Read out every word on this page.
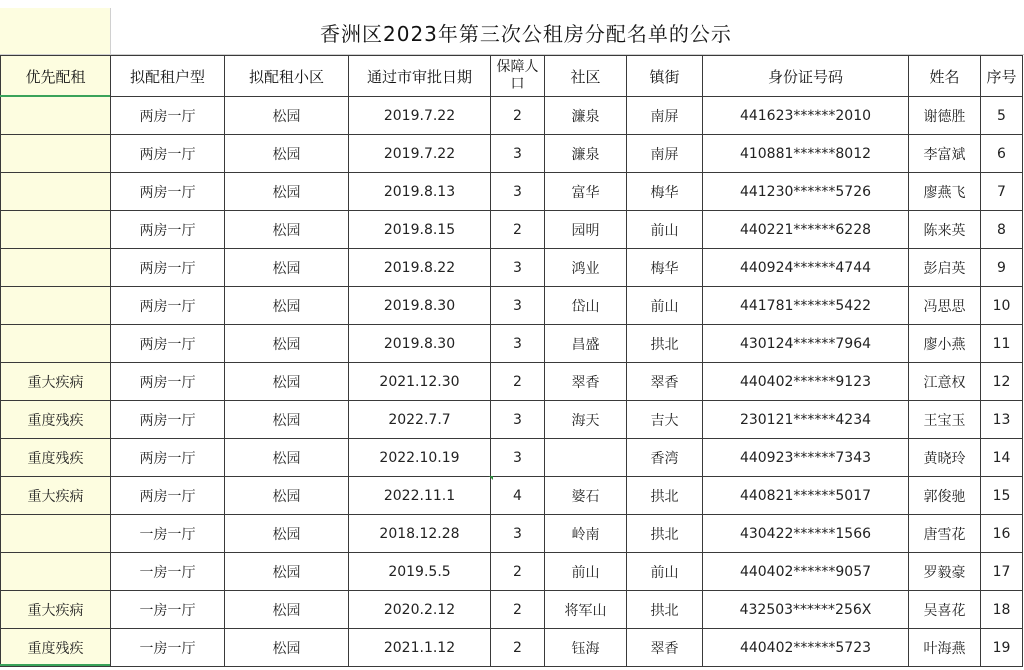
香洲区2023年第三次公租房分配名单的公示
优先配租	拟配租户型	拟配租小区	通过市审批日期	保障人口	社区	镇街	身份证号码	姓名	序号
	两房一厅	松园	2019.7.22	2	濂泉	南屏	441623******2010	谢德胜	5
	两房一厅	松园	2019.7.22	3	濂泉	南屏	410881******8012	李富斌	6
	两房一厅	松园	2019.8.13	3	富华	梅华	441230******5726	廖燕飞	7
	两房一厅	松园	2019.8.15	2	园明	前山	440221******6228	陈来英	8
	两房一厅	松园	2019.8.22	3	鸿业	梅华	440924******4744	彭启英	9
	两房一厅	松园	2019.8.30	3	岱山	前山	441781******5422	冯思思	10
	两房一厅	松园	2019.8.30	3	昌盛	拱北	430124******7964	廖小燕	11
重大疾病	两房一厅	松园	2021.12.30	2	翠香	翠香	440402******9123	江意权	12
重度残疾	两房一厅	松园	2022.7.7	3	海天	吉大	230121******4234	王宝玉	13
重度残疾	两房一厅	松园	2022.10.19	3		香湾	440923******7343	黄晓玲	14
重大疾病	两房一厅	松园	2022.11.1	4	婆石	拱北	440821******5017	郭俊驰	15
	一房一厅	松园	2018.12.28	3	岭南	拱北	430422******1566	唐雪花	16
	一房一厅	松园	2019.5.5	2	前山	前山	440402******9057	罗毅豪	17
重大疾病	一房一厅	松园	2020.2.12	2	将军山	拱北	432503******256X	吴喜花	18
重度残疾	一房一厅	松园	2021.1.12	2	钰海	翠香	440402******5723	叶海燕	19
